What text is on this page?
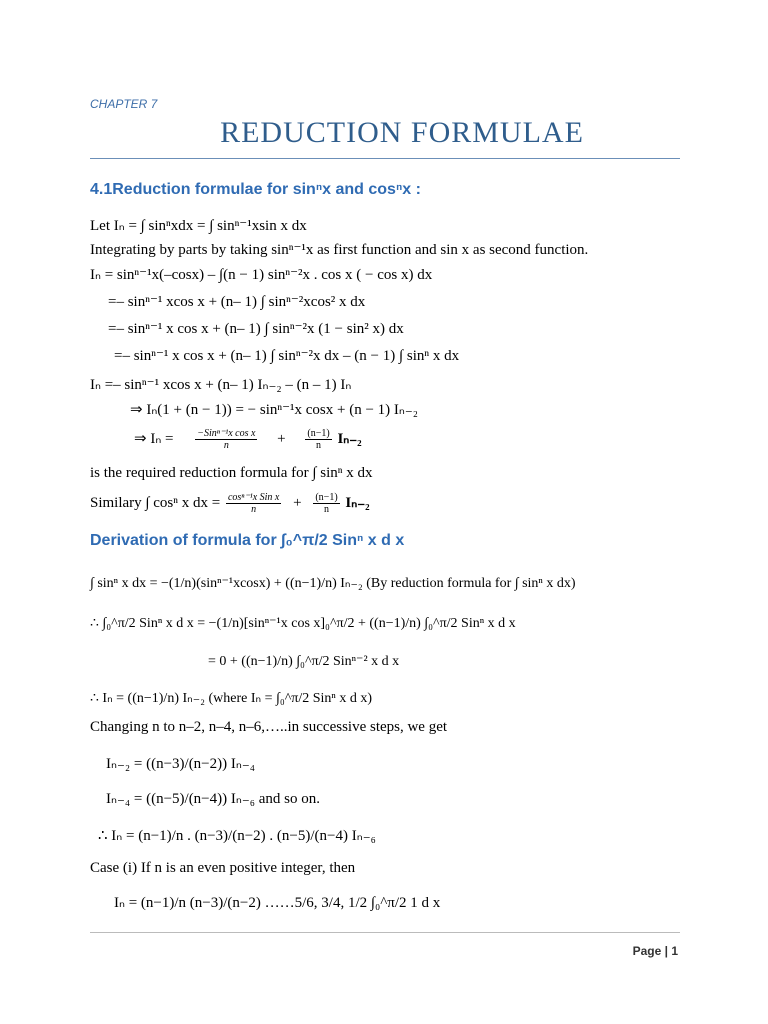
CHAPTER 7
REDUCTION FORMULAE
4.1Reduction formulae for sinⁿx and cosⁿx :
Let Iₙ = ∫ sinⁿxdx = ∫ sinⁿ⁻¹xsin x dx
Integrating by parts by taking sinⁿ⁻¹x as first function and sin x as second function.
Iₙ = sinⁿ⁻¹x(–cosx) – ∫(n − 1) sinⁿ⁻²x . cos x ( − cos x) dx
=– sinⁿ⁻¹ xcos x + (n– 1) ∫ sinⁿ⁻²xcos² x dx
=– sinⁿ⁻¹ x cos x + (n– 1) ∫ sinⁿ⁻²x (1 − sin² x) dx
=– sinⁿ⁻¹ x cos x + (n– 1) ∫ sinⁿ⁻²x dx – (n − 1) ∫ sinⁿ x dx
Iₙ =– sinⁿ⁻¹ xcos x + (n– 1) Iₙ₋₂ – (n – 1) Iₙ
⇒ Iₙ(1 + (n − 1)) = − sinⁿ⁻¹x cosx + (n − 1) Iₙ₋₂
⇒ $I_n = \frac{\text{−Sinⁿ⁻¹x cos x}}{n} + \frac{(n-1)}{n} I_{n-2}$
is the required reduction formula for ∫ sinⁿ x dx
Similary ∫ cosⁿ x dx = $\frac{\text{cosⁿ⁻¹x Sin x}}{n} + \frac{(n-1)}{n} I_{n-2}$
Derivation of formula for ∫₀^π/2 Sinⁿ x d x
∫ sinⁿ x dx = −(1/n)(sinⁿ⁻¹xcosx) + ((n−1)/n) Iₙ₋₂ (By reduction formula for ∫ sinⁿ x dx)
∴ ∫₀^π/2 Sinⁿ x d x = −(1/n)[sinⁿ⁻¹x cos x]₀^π/2 + ((n−1)/n) ∫₀^π/2 Sinⁿ x d x
= 0 + ((n−1)/n) ∫₀^π/2 Sinⁿ⁻² x d x
∴ Iₙ = ((n−1)/n) Iₙ₋₂ (where Iₙ = ∫₀^π/2 Sinⁿ x d x)
Changing n to n–2, n–4, n–6,…..in successive steps, we get
Iₙ₋₂ = ((n−3)/(n−2)) Iₙ₋₄
Iₙ₋₄ = ((n−5)/(n−4)) Iₙ₋₆ and so on.
∴ Iₙ = (n−1)/n . (n−3)/(n−2) . (n−5)/(n−4) Iₙ₋₆
Case (i) If n is an even positive integer, then
Iₙ = (n−1)/n (n−3)/(n−2) ……5/6, 3/4, 1/2 ∫₀^π/2 1 d x
Page | 1
